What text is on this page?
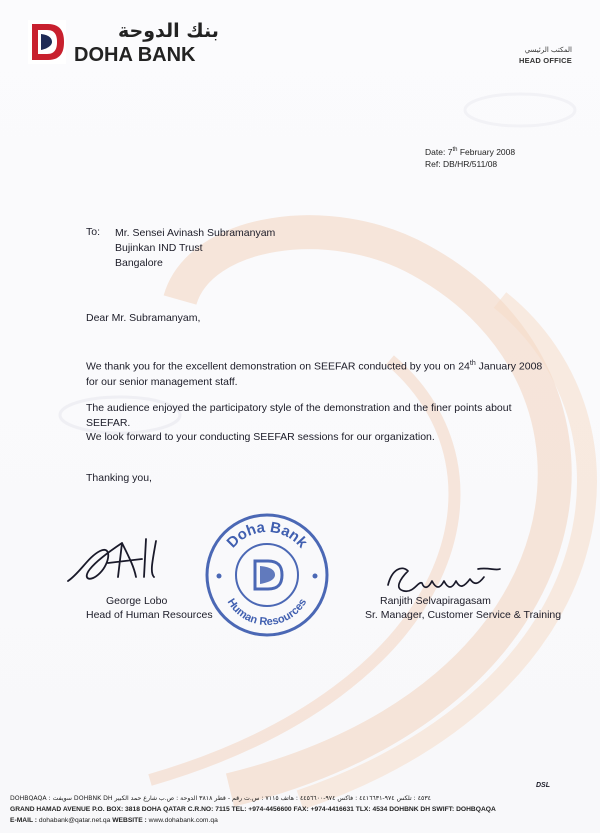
بنك الدوحة
DOHA BANK	المكتب الرئيسي
HEAD OFFICE
Date: 7th February 2008
Ref: DB/HR/511/08
To: Mr. Sensei Avinash Subramanyam
Bujinkan IND Trust
Bangalore
Dear Mr. Subramanyam,
We thank you for the excellent demonstration on SEEFAR conducted by you on 24th January 2008 for our senior management staff.
The audience enjoyed the participatory style of the demonstration and the finer points about SEEFAR.
We look forward to your conducting SEEFAR sessions for our organization.
Thanking you,
George Lobo
Head of Human Resources
Doha Bank
Human Resources	Ranjith Selvapiragasam
Sr. Manager, Customer Service & Training
DSL
DOHBQAQA : سويفت DOHBNK DH ٤٥٣٤ : تلكس ٩٧٤-٤٤١٦٦٣١ : فاكس ٩٧٤-٤٤٥٦٦٠٠ : هاتف ٧١١٥ : س.ت رقم - قطر ٣٨١٨ الدوحة : ص.ب شارع حمد الكبير
GRAND HAMAD AVENUE P.O. BOX: 3818 DOHA QATAR C.R.NO: 7115 TEL: +974-4456600 FAX: +974-4416631 TLX: 4534 DOHBNK DH SWIFT: DOHBQAQA
E-MAIL : dohabank@qatar.net.qa WEBSITE : www.dohabank.com.qa
